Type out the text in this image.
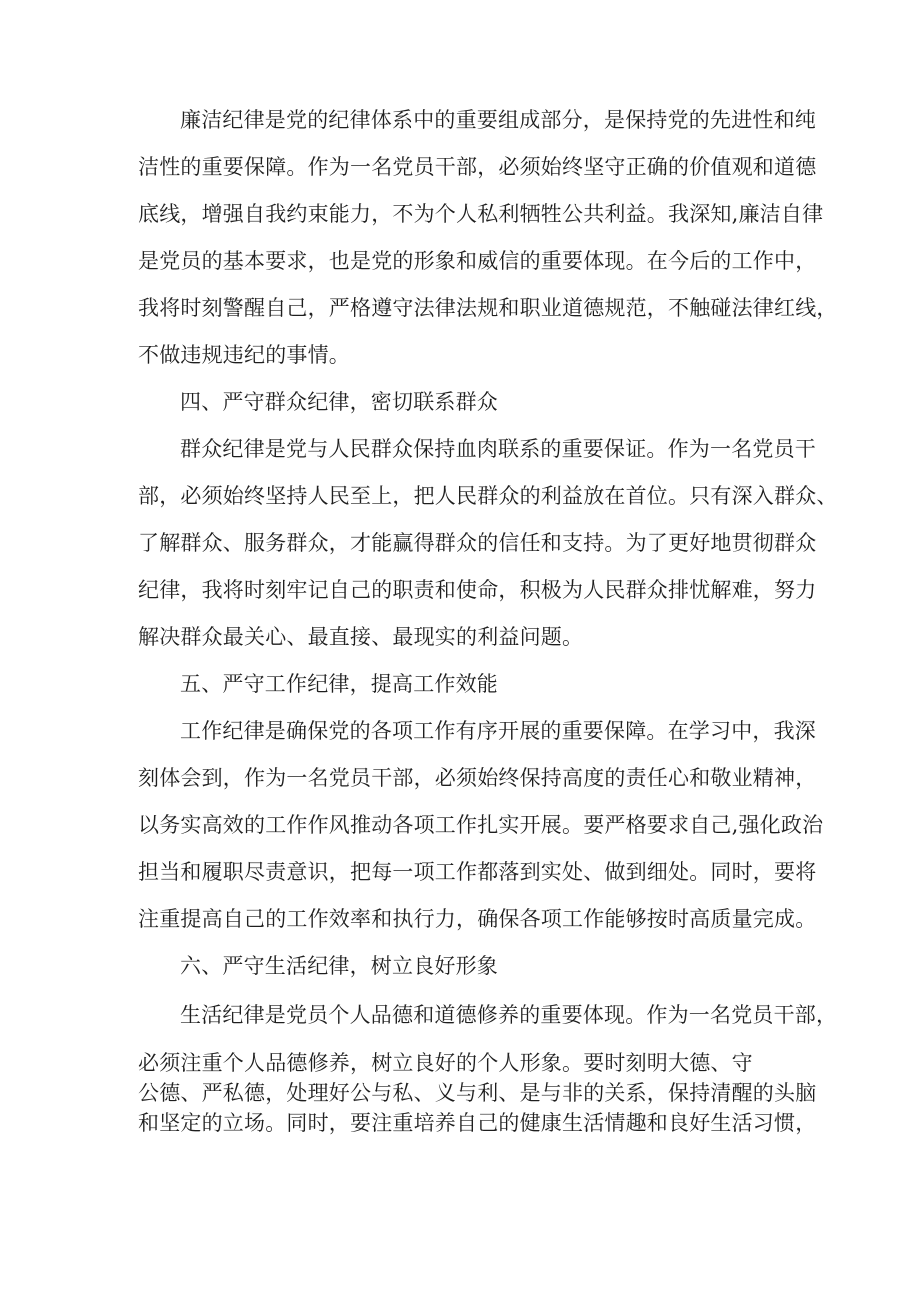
廉洁纪律是党的纪律体系中的重要组成部分，是保持党的先进性和纯
洁性的重要保障。作为一名党员干部，必须始终坚守正确的价值观和道德
底线，增强自我约束能力，不为个人私利牺牲公共利益。我深知,廉洁自律
是党员的基本要求，也是党的形象和威信的重要体现。在今后的工作中，
我将时刻警醒自己，严格遵守法律法规和职业道德规范，不触碰法律红线，
不做违规违纪的事情。
四、严守群众纪律，密切联系群众
群众纪律是党与人民群众保持血肉联系的重要保证。作为一名党员干
部，必须始终坚持人民至上，把人民群众的利益放在首位。只有深入群众、
了解群众、服务群众，才能赢得群众的信任和支持。为了更好地贯彻群众
纪律，我将时刻牢记自己的职责和使命，积极为人民群众排忧解难，努力
解决群众最关心、最直接、最现实的利益问题。
五、严守工作纪律，提高工作效能
工作纪律是确保党的各项工作有序开展的重要保障。在学习中，我深
刻体会到，作为一名党员干部，必须始终保持高度的责任心和敬业精神，
以务实高效的工作作风推动各项工作扎实开展。要严格要求自己,强化政治
担当和履职尽责意识，把每一项工作都落到实处、做到细处。同时，要将
注重提高自己的工作效率和执行力，确保各项工作能够按时高质量完成。
六、严守生活纪律，树立良好形象
生活纪律是党员个人品德和道德修养的重要体现。作为一名党员干部，
必须注重个人品德修养，树立良好的个人形象。要时刻明大德、守
公德、严私德，处理好公与私、义与利、是与非的关系，保持清醒的头脑
和坚定的立场。同时，要注重培养自己的健康生活情趣和良好生活习惯，
